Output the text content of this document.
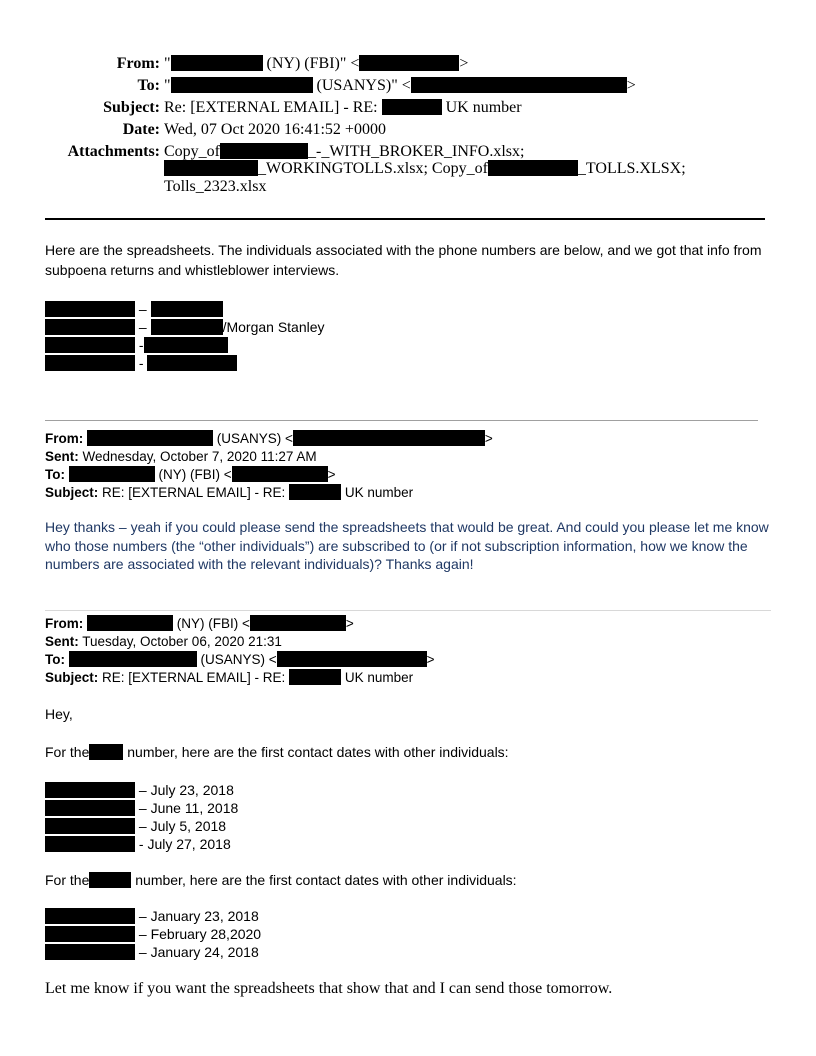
From: "	(NY) (FBI)" <	>
To: "	(USANYS)" <	>
Subject: Re: [EXTERNAL EMAIL] - RE:	UK number
Date: Wed, 07 Oct 2020 16:41:52 +0000
Attachments: Copy_of	_-_WITH_BROKER_INFO.xlsx;
_WORKINGTOLLS.xlsx; Copy_of	_TOLLS.XLSX;
Tolls_2323.xlsx
Here are the spreadsheets. The individuals associated with the phone numbers are below, and we got that info from subpoena returns and whistleblower interviews.
–
–	/Morgan Stanley
-
-
From:	(USANYS) <	>
Sent: Wednesday, October 7, 2020 11:27 AM
To:	(NY) (FBI) <	>
Subject: RE: [EXTERNAL EMAIL] - RE:	UK number
Hey thanks – yeah if you could please send the spreadsheets that would be great. And could you please let me know who those numbers (the “other individuals”) are subscribed to (or if not subscription information, how we know the numbers are associated with the relevant individuals)? Thanks again!
From:	(NY) (FBI) <	>
Sent: Tuesday, October 06, 2020 21:31
To:	(USANYS) <	>
Subject: RE: [EXTERNAL EMAIL] - RE:	UK number
Hey,
For the number, here are the first contact dates with other individuals:
– July 23, 2018
– June 11, 2018
– July 5, 2018
- July 27, 2018
For the	number, here are the first contact dates with other individuals:
– January 23, 2018
– February 28,2020
– January 24, 2018
Let me know if you want the spreadsheets that show that and I can send those tomorrow.
